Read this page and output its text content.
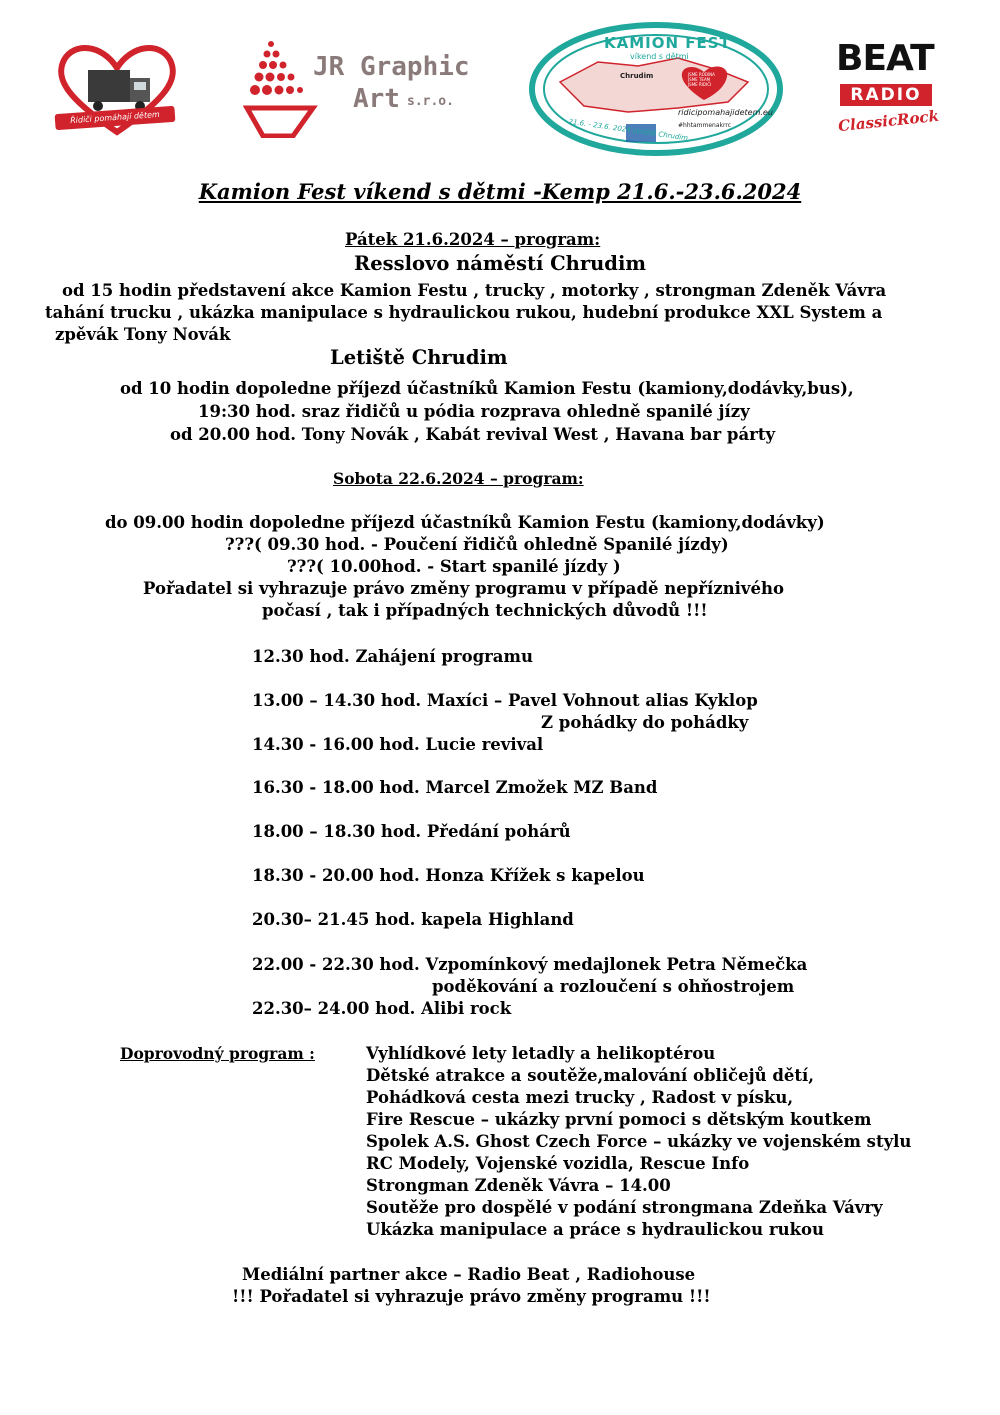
Řidiči pomáhají dětem
JR Graphic
Art s.r.o.
KAMION FEST
víkend s dětmi
Chrudim	JSME RODINA JSME TEAM JSME ŘIDIČI
ridicipomahajidetem.eu
#hhtammenakrrc
21.6. - 23.6. 2024 Letiště Chrudim
BEAT
RADIO
ClassicRock
Kamion Fest víkend s dětmi -Kemp 21.6.-23.6.2024
Pátek 21.6.2024 – program:
Resslovo náměstí Chrudim
od 15 hodin představení akce Kamion Festu , trucky , motorky , strongman Zdeněk Vávra
tahání trucku , ukázka manipulace s hydraulickou rukou, hudební produkce XXL System a
zpěvák Tony Novák
Letiště Chrudim
od 10 hodin dopoledne příjezd účastníků Kamion Festu (kamiony,dodávky,bus),
19:30 hod. sraz řidičů u pódia rozprava ohledně spanilé jízy
od 20.00 hod. Tony Novák , Kabát revival West , Havana bar párty
Sobota 22.6.2024 – program:
do 09.00 hodin dopoledne příjezd účastníků Kamion Festu (kamiony,dodávky)
???( 09.30 hod. - Poučení řidičů ohledně Spanilé jízdy)
???( 10.00hod. - Start spanilé jízdy )
Pořadatel si vyhrazuje právo změny programu v případě nepříznivého
počasí , tak i případných technických důvodů !!!
12.30 hod. Zahájení programu
13.00 – 14.30 hod. Maxíci – Pavel Vohnout alias Kyklop
Z pohádky do pohádky
14.30 - 16.00 hod. Lucie revival
16.30 - 18.00 hod. Marcel Zmožek MZ Band
18.00 – 18.30 hod. Předání pohárů
18.30 - 20.00 hod. Honza Křížek s kapelou
20.30– 21.45 hod. kapela Highland
22.00 - 22.30 hod. Vzpomínkový medajlonek Petra Němečka
poděkování a rozloučení s ohňostrojem
22.30– 24.00 hod. Alibi rock
Doprovodný program :	Vyhlídkové lety letadly a helikoptérou
Dětské atrakce a soutěže,malování obličejů dětí,
Pohádková cesta mezi trucky , Radost v písku,
Fire Rescue – ukázky první pomoci s dětským koutkem
Spolek A.S. Ghost Czech Force – ukázky ve vojenském stylu
RC Modely, Vojenské vozidla, Rescue Info
Strongman Zdeněk Vávra – 14.00
Soutěže pro dospělé v podání strongmana Zdeňka Vávry
Ukázka manipulace a práce s hydraulickou rukou
Mediální partner akce – Radio Beat , Radiohouse
!!! Pořadatel si vyhrazuje právo změny programu !!!
